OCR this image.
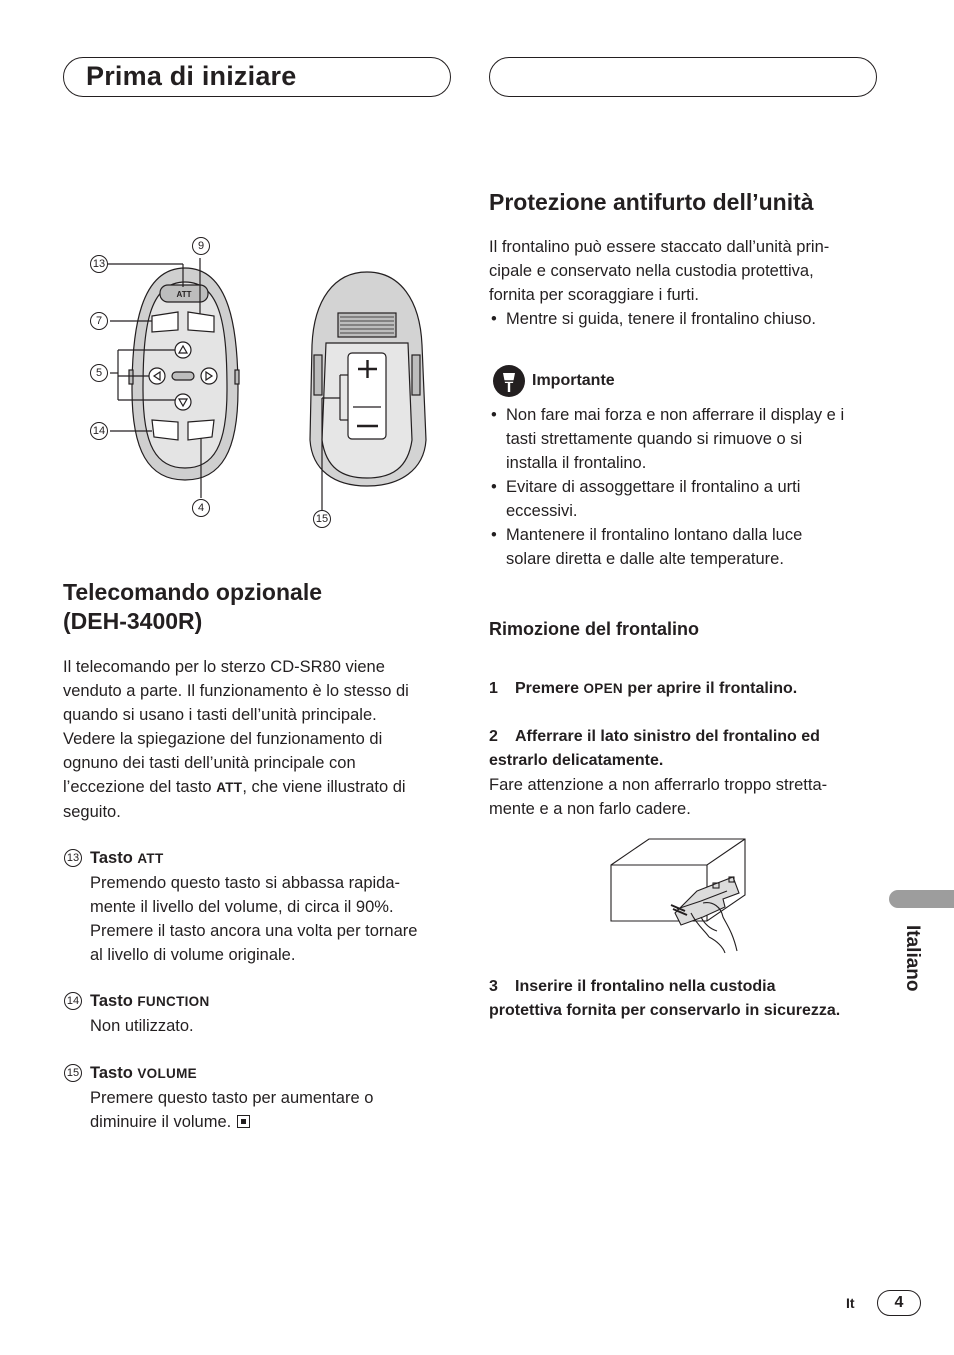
Prima di iniziare
ATT
13
9
7
5
14
4
15
Telecomando opzionale
(DEH-3400R)
Il telecomando per lo sterzo CD-SR80 viene
venduto a parte. Il funzionamento è lo stesso di
quando si usano i tasti dell’unità principale.
Vedere la spiegazione del funzionamento di
ognuno dei tasti dell’unità principale con
l’eccezione del tasto ATT, che viene illustrato di
seguito.
13 Tasto ATT
Premendo questo tasto si abbassa rapida-
mente il livello del volume, di circa il 90%.
Premere il tasto ancora una volta per tornare
al livello di volume originale.
14 Tasto FUNCTION
Non utilizzato.
15 Tasto VOLUME
Premere questo tasto per aumentare o
diminuire il volume.
Protezione antifurto dell’unità
Il frontalino può essere staccato dall’unità prin-
cipale e conservato nella custodia protettiva,
fornita per scoraggiare i furti.
• Mentre si guida, tenere il frontalino chiuso.
Importante
• Non fare mai forza e non afferrare il display e i
tasti strettamente quando si rimuove o si
installa il frontalino.
• Evitare di assoggettare il frontalino a urti
eccessivi.
• Mantenere il frontalino lontano dalla luce
solare diretta e dalle alte temperature.
Rimozione del frontalino
1 Premere OPEN per aprire il frontalino.
2 Afferrare il lato sinistro del frontalino ed
estrarlo delicatamente.
Fare attenzione a non afferrarlo troppo stretta-
mente e a non farlo cadere.
3 Inserire il frontalino nella custodia
protettiva fornita per conservarlo in sicurezza.
Italiano
It	4
